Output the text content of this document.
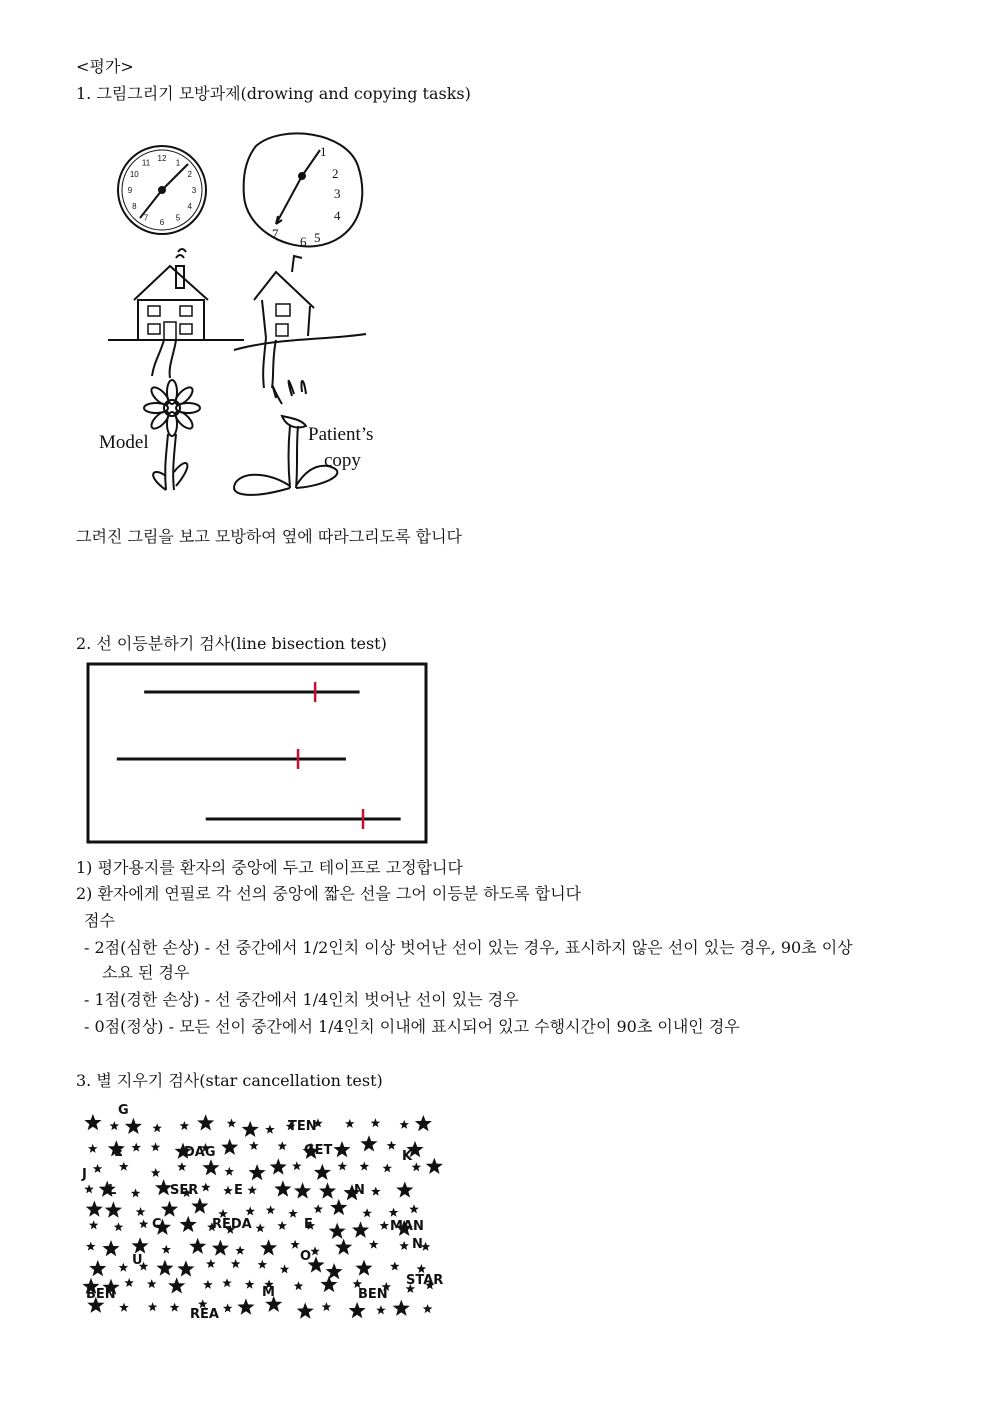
<평가>
1. 그림그리기 모방과제(drowing and copying tasks)
12 1
2
3
4
5
6
7
8
9
10
11
1
2
3
4
5
6
7
Model	Patient’s
copy
그려진 그림을 보고 모방하여 옆에 따라그리도록 합니다
2. 선 이등분하기 검사(line bisection test)
1) 평가용지를 환자의 중앙에 두고 테이프로 고정합니다
2) 환자에게 연필로 각 선의 중앙에 짧은 선을 그어 이등분 하도록 합니다
점수
- 2점(심한 손상) - 선 중간에서 1/2인치 이상 벗어난 선이 있는 경우, 표시하지 않은 선이 있는 경우, 90초 이상
소요 된 경우
- 1점(경한 손상) - 선 중간에서 1/4인치 벗어난 선이 있는 경우
- 0점(정상) - 모든 선이 중간에서 1/4인치 이내에 표시되어 있고 수행시간이 90초 이내인 경우
3. 별 지우기 검사(star cancellation test)
G
TEN
E	DAG	GET	K
J
L	SER	E	N
C	REDA	E	MAN
N
U	O
STAR
BEN	M	BEN
REA
